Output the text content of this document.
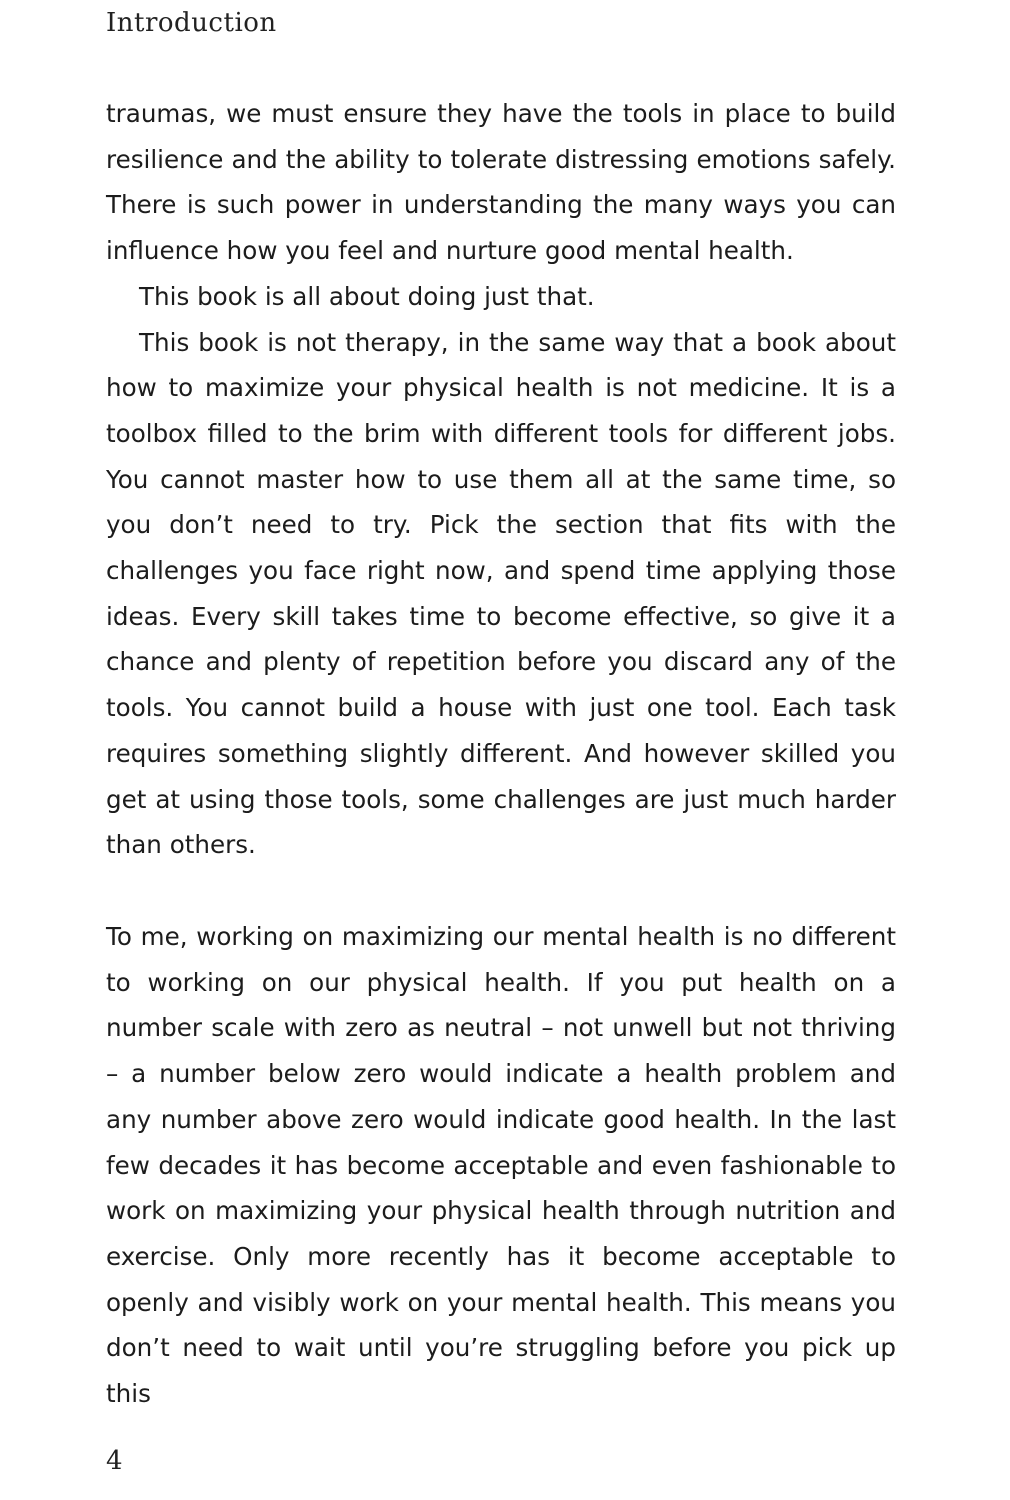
Introduction

traumas, we must ensure they have the tools in place to build resilience and the ability to tolerate distressing emotions safely. There is such power in understanding the many ways you can influence how you feel and nurture good mental health.

This book is all about doing just that.

This book is not therapy, in the same way that a book about how to maximize your physical health is not medicine. It is a toolbox filled to the brim with different tools for different jobs. You cannot master how to use them all at the same time, so you don’t need to try. Pick the section that fits with the challenges you face right now, and spend time applying those ideas. Every skill takes time to become effective, so give it a chance and plenty of repetition before you discard any of the tools. You cannot build a house with just one tool. Each task requires something slightly different. And however skilled you get at using those tools, some challenges are just much harder than others.

To me, working on maximizing our mental health is no different to working on our physical health. If you put health on a number scale with zero as neutral – not unwell but not thriving – a number below zero would indicate a health problem and any number above zero would indicate good health. In the last few decades it has become acceptable and even fashionable to work on maximizing your physical health through nutrition and exercise. Only more recently has it become acceptable to openly and visibly work on your mental health. This means you don’t need to wait until you’re struggling before you pick up this

4
